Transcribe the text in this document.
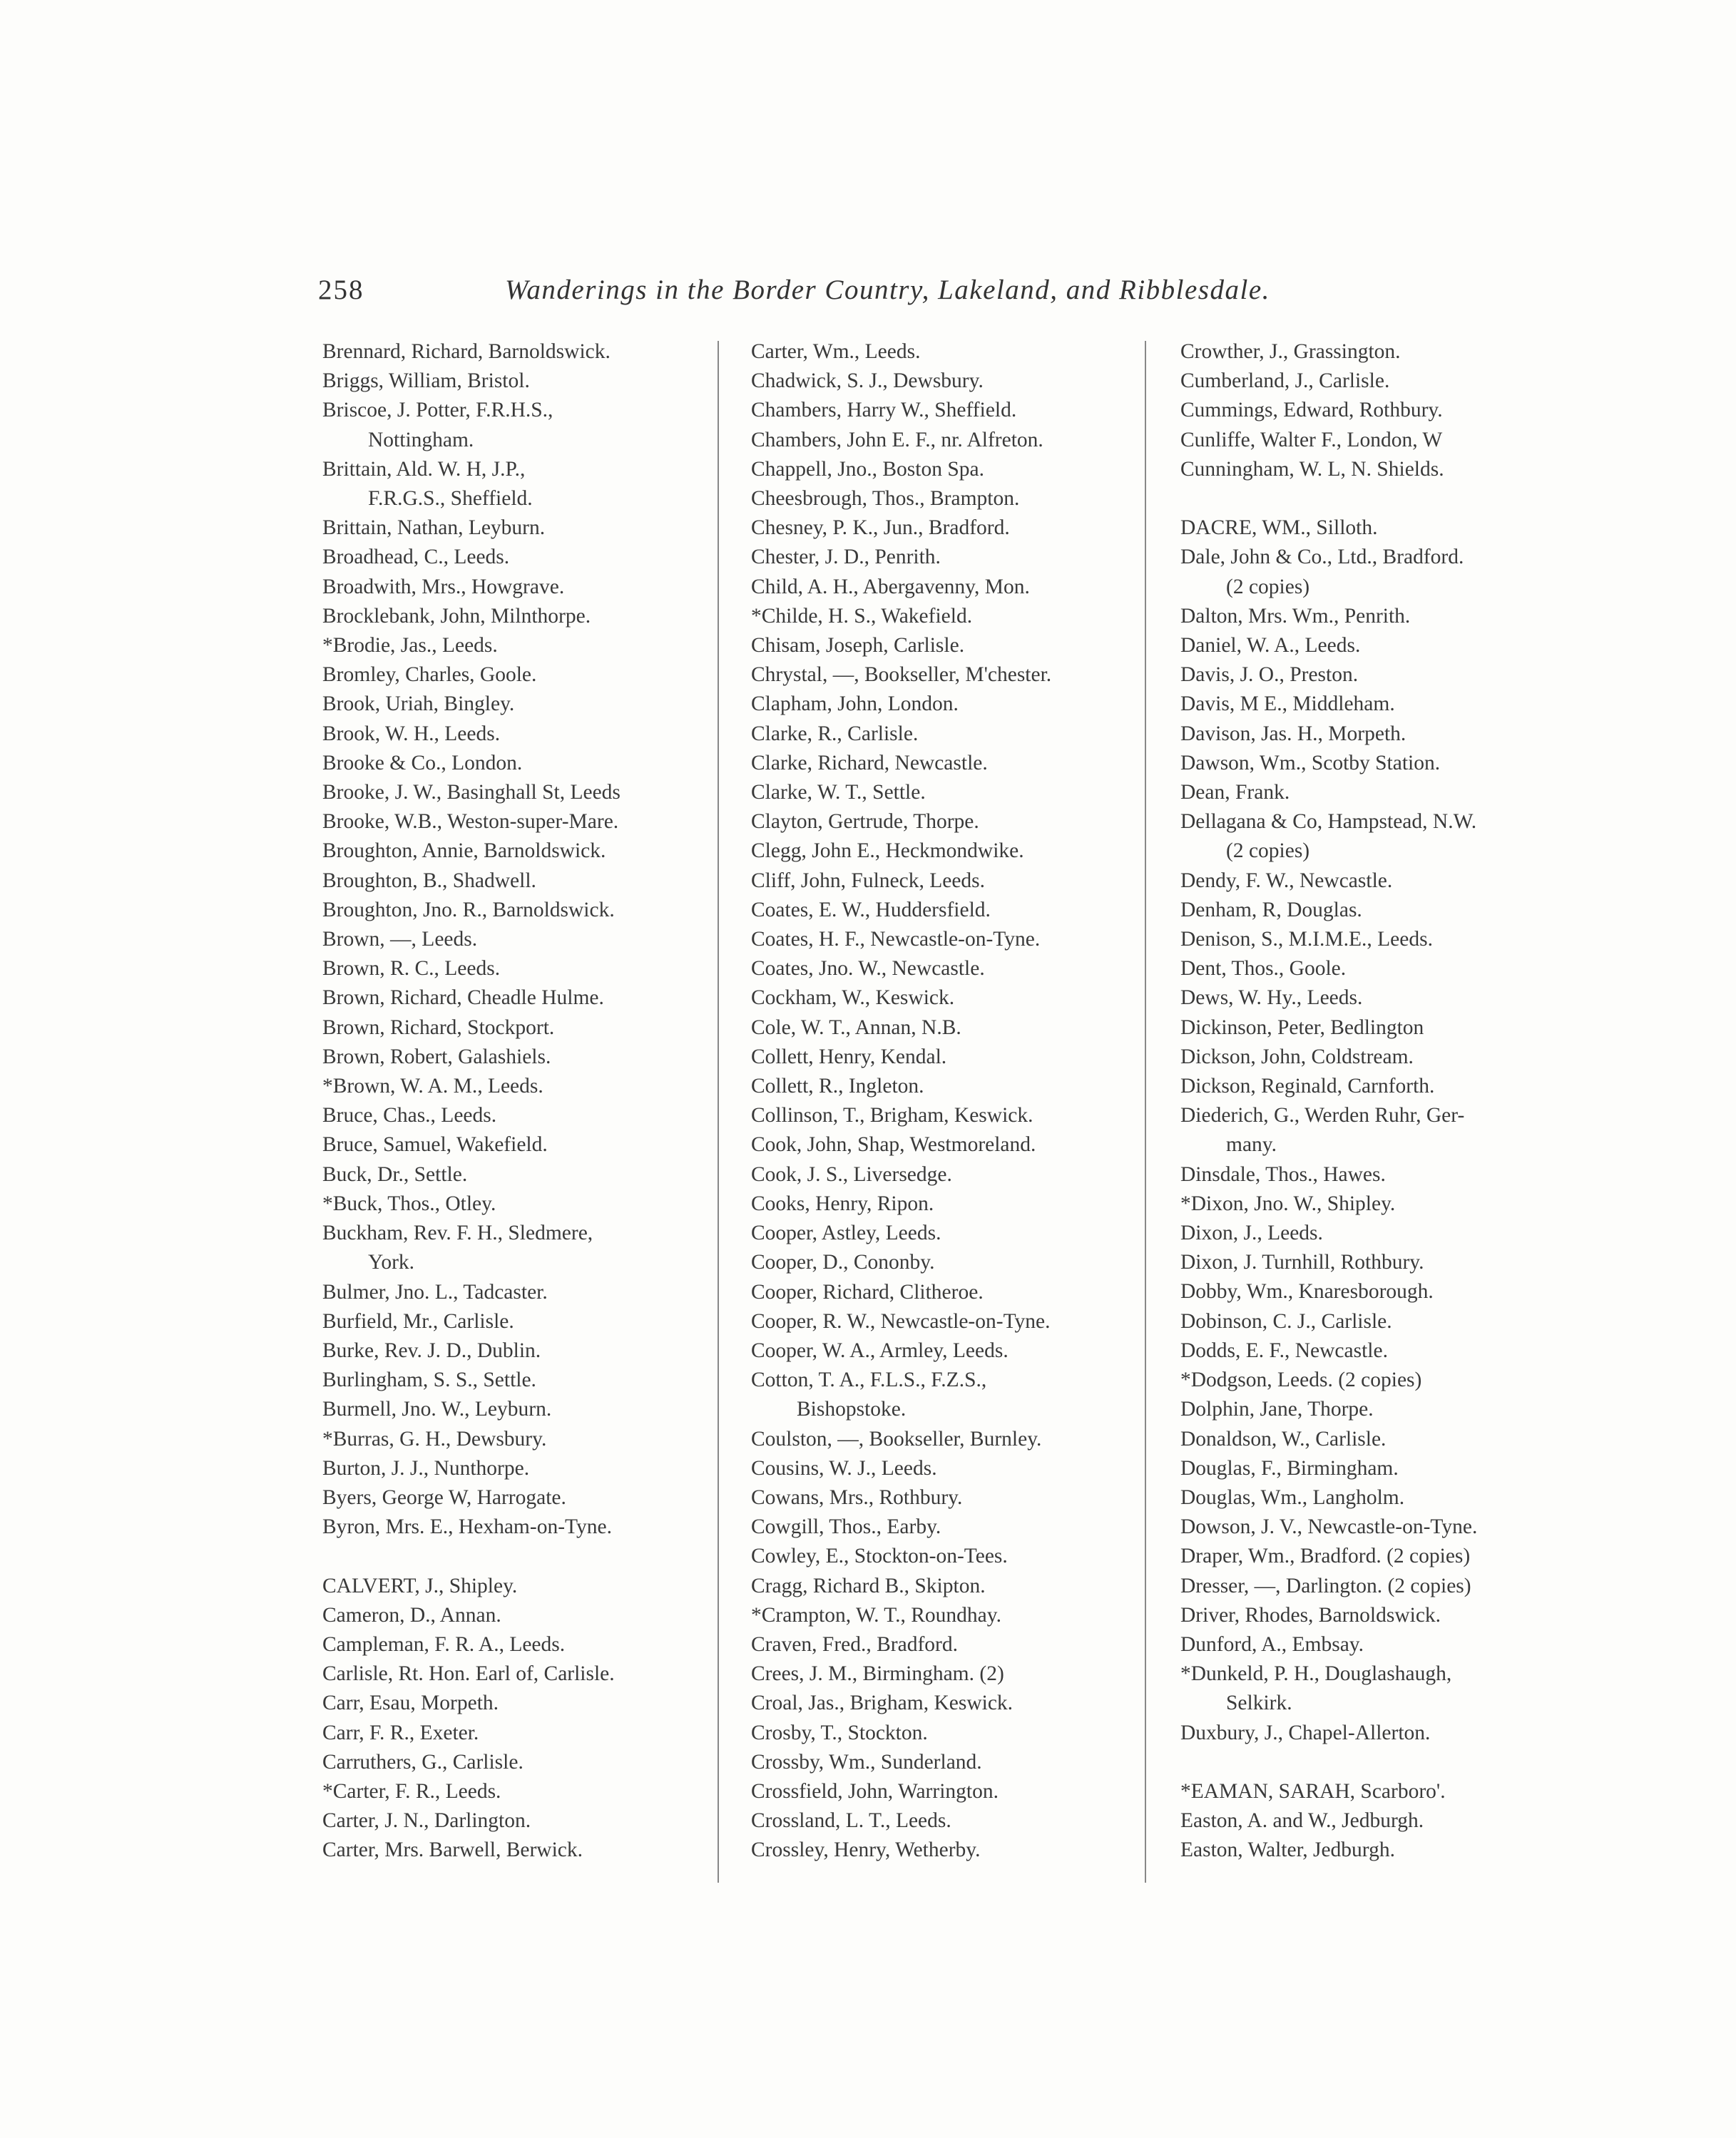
258	Wanderings in the Border Country, Lakeland, and Ribblesdale.
Brennard, Richard, Barnoldswick.
Briggs, William, Bristol.
Briscoe, J. Potter, F.R.H.S.,
Nottingham.
Brittain, Ald. W. H, J.P.,
F.R.G.S., Sheffield.
Brittain, Nathan, Leyburn.
Broadhead, C., Leeds.
Broadwith, Mrs., Howgrave.
Brocklebank, John, Milnthorpe.
*Brodie, Jas., Leeds.
Bromley, Charles, Goole.
Brook, Uriah, Bingley.
Brook, W. H., Leeds.
Brooke & Co., London.
Brooke, J. W., Basinghall St, Leeds
Brooke, W.B., Weston-super-Mare.
Broughton, Annie, Barnoldswick.
Broughton, B., Shadwell.
Broughton, Jno. R., Barnoldswick.
Brown, —, Leeds.
Brown, R. C., Leeds.
Brown, Richard, Cheadle Hulme.
Brown, Richard, Stockport.
Brown, Robert, Galashiels.
*Brown, W. A. M., Leeds.
Bruce, Chas., Leeds.
Bruce, Samuel, Wakefield.
Buck, Dr., Settle.
*Buck, Thos., Otley.
Buckham, Rev. F. H., Sledmere,
York.
Bulmer, Jno. L., Tadcaster.
Burfield, Mr., Carlisle.
Burke, Rev. J. D., Dublin.
Burlingham, S. S., Settle.
Burmell, Jno. W., Leyburn.
*Burras, G. H., Dewsbury.
Burton, J. J., Nunthorpe.
Byers, George W, Harrogate.
Byron, Mrs. E., Hexham-on-Tyne.
CALVERT, J., Shipley.
Cameron, D., Annan.
Campleman, F. R. A., Leeds.
Carlisle, Rt. Hon. Earl of, Carlisle.
Carr, Esau, Morpeth.
Carr, F. R., Exeter.
Carruthers, G., Carlisle.
*Carter, F. R., Leeds.
Carter, J. N., Darlington.
Carter, Mrs. Barwell, Berwick.
Carter, Wm., Leeds.
Chadwick, S. J., Dewsbury.
Chambers, Harry W., Sheffield.
Chambers, John E. F., nr. Alfreton.
Chappell, Jno., Boston Spa.
Cheesbrough, Thos., Brampton.
Chesney, P. K., Jun., Bradford.
Chester, J. D., Penrith.
Child, A. H., Abergavenny, Mon.
*Childe, H. S., Wakefield.
Chisam, Joseph, Carlisle.
Chrystal, —, Bookseller, M'chester.
Clapham, John, London.
Clarke, R., Carlisle.
Clarke, Richard, Newcastle.
Clarke, W. T., Settle.
Clayton, Gertrude, Thorpe.
Clegg, John E., Heckmondwike.
Cliff, John, Fulneck, Leeds.
Coates, E. W., Huddersfield.
Coates, H. F., Newcastle-on-Tyne.
Coates, Jno. W., Newcastle.
Cockham, W., Keswick.
Cole, W. T., Annan, N.B.
Collett, Henry, Kendal.
Collett, R., Ingleton.
Collinson, T., Brigham, Keswick.
Cook, John, Shap, Westmoreland.
Cook, J. S., Liversedge.
Cooks, Henry, Ripon.
Cooper, Astley, Leeds.
Cooper, D., Cononby.
Cooper, Richard, Clitheroe.
Cooper, R. W., Newcastle-on-Tyne.
Cooper, W. A., Armley, Leeds.
Cotton, T. A., F.L.S., F.Z.S.,
Bishopstoke.
Coulston, —, Bookseller, Burnley.
Cousins, W. J., Leeds.
Cowans, Mrs., Rothbury.
Cowgill, Thos., Earby.
Cowley, E., Stockton-on-Tees.
Cragg, Richard B., Skipton.
*Crampton, W. T., Roundhay.
Craven, Fred., Bradford.
Crees, J. M., Birmingham. (2)
Croal, Jas., Brigham, Keswick.
Crosby, T., Stockton.
Crossby, Wm., Sunderland.
Crossfield, John, Warrington.
Crossland, L. T., Leeds.
Crossley, Henry, Wetherby.
Crowther, J., Grassington.
Cumberland, J., Carlisle.
Cummings, Edward, Rothbury.
Cunliffe, Walter F., London, W
Cunningham, W. L, N. Shields.
DACRE, WM., Silloth.
Dale, John & Co., Ltd., Bradford.
(2 copies)
Dalton, Mrs. Wm., Penrith.
Daniel, W. A., Leeds.
Davis, J. O., Preston.
Davis, M E., Middleham.
Davison, Jas. H., Morpeth.
Dawson, Wm., Scotby Station.
Dean, Frank.
Dellagana & Co, Hampstead, N.W.
(2 copies)
Dendy, F. W., Newcastle.
Denham, R, Douglas.
Denison, S., M.I.M.E., Leeds.
Dent, Thos., Goole.
Dews, W. Hy., Leeds.
Dickinson, Peter, Bedlington
Dickson, John, Coldstream.
Dickson, Reginald, Carnforth.
Diederich, G., Werden Ruhr, Ger-
many.
Dinsdale, Thos., Hawes.
*Dixon, Jno. W., Shipley.
Dixon, J., Leeds.
Dixon, J. Turnhill, Rothbury.
Dobby, Wm., Knaresborough.
Dobinson, C. J., Carlisle.
Dodds, E. F., Newcastle.
*Dodgson, Leeds. (2 copies)
Dolphin, Jane, Thorpe.
Donaldson, W., Carlisle.
Douglas, F., Birmingham.
Douglas, Wm., Langholm.
Dowson, J. V., Newcastle-on-Tyne.
Draper, Wm., Bradford. (2 copies)
Dresser, —, Darlington. (2 copies)
Driver, Rhodes, Barnoldswick.
Dunford, A., Embsay.
*Dunkeld, P. H., Douglashaugh,
Selkirk.
Duxbury, J., Chapel-Allerton.
*EAMAN, SARAH, Scarboro'.
Easton, A. and W., Jedburgh.
Easton, Walter, Jedburgh.
